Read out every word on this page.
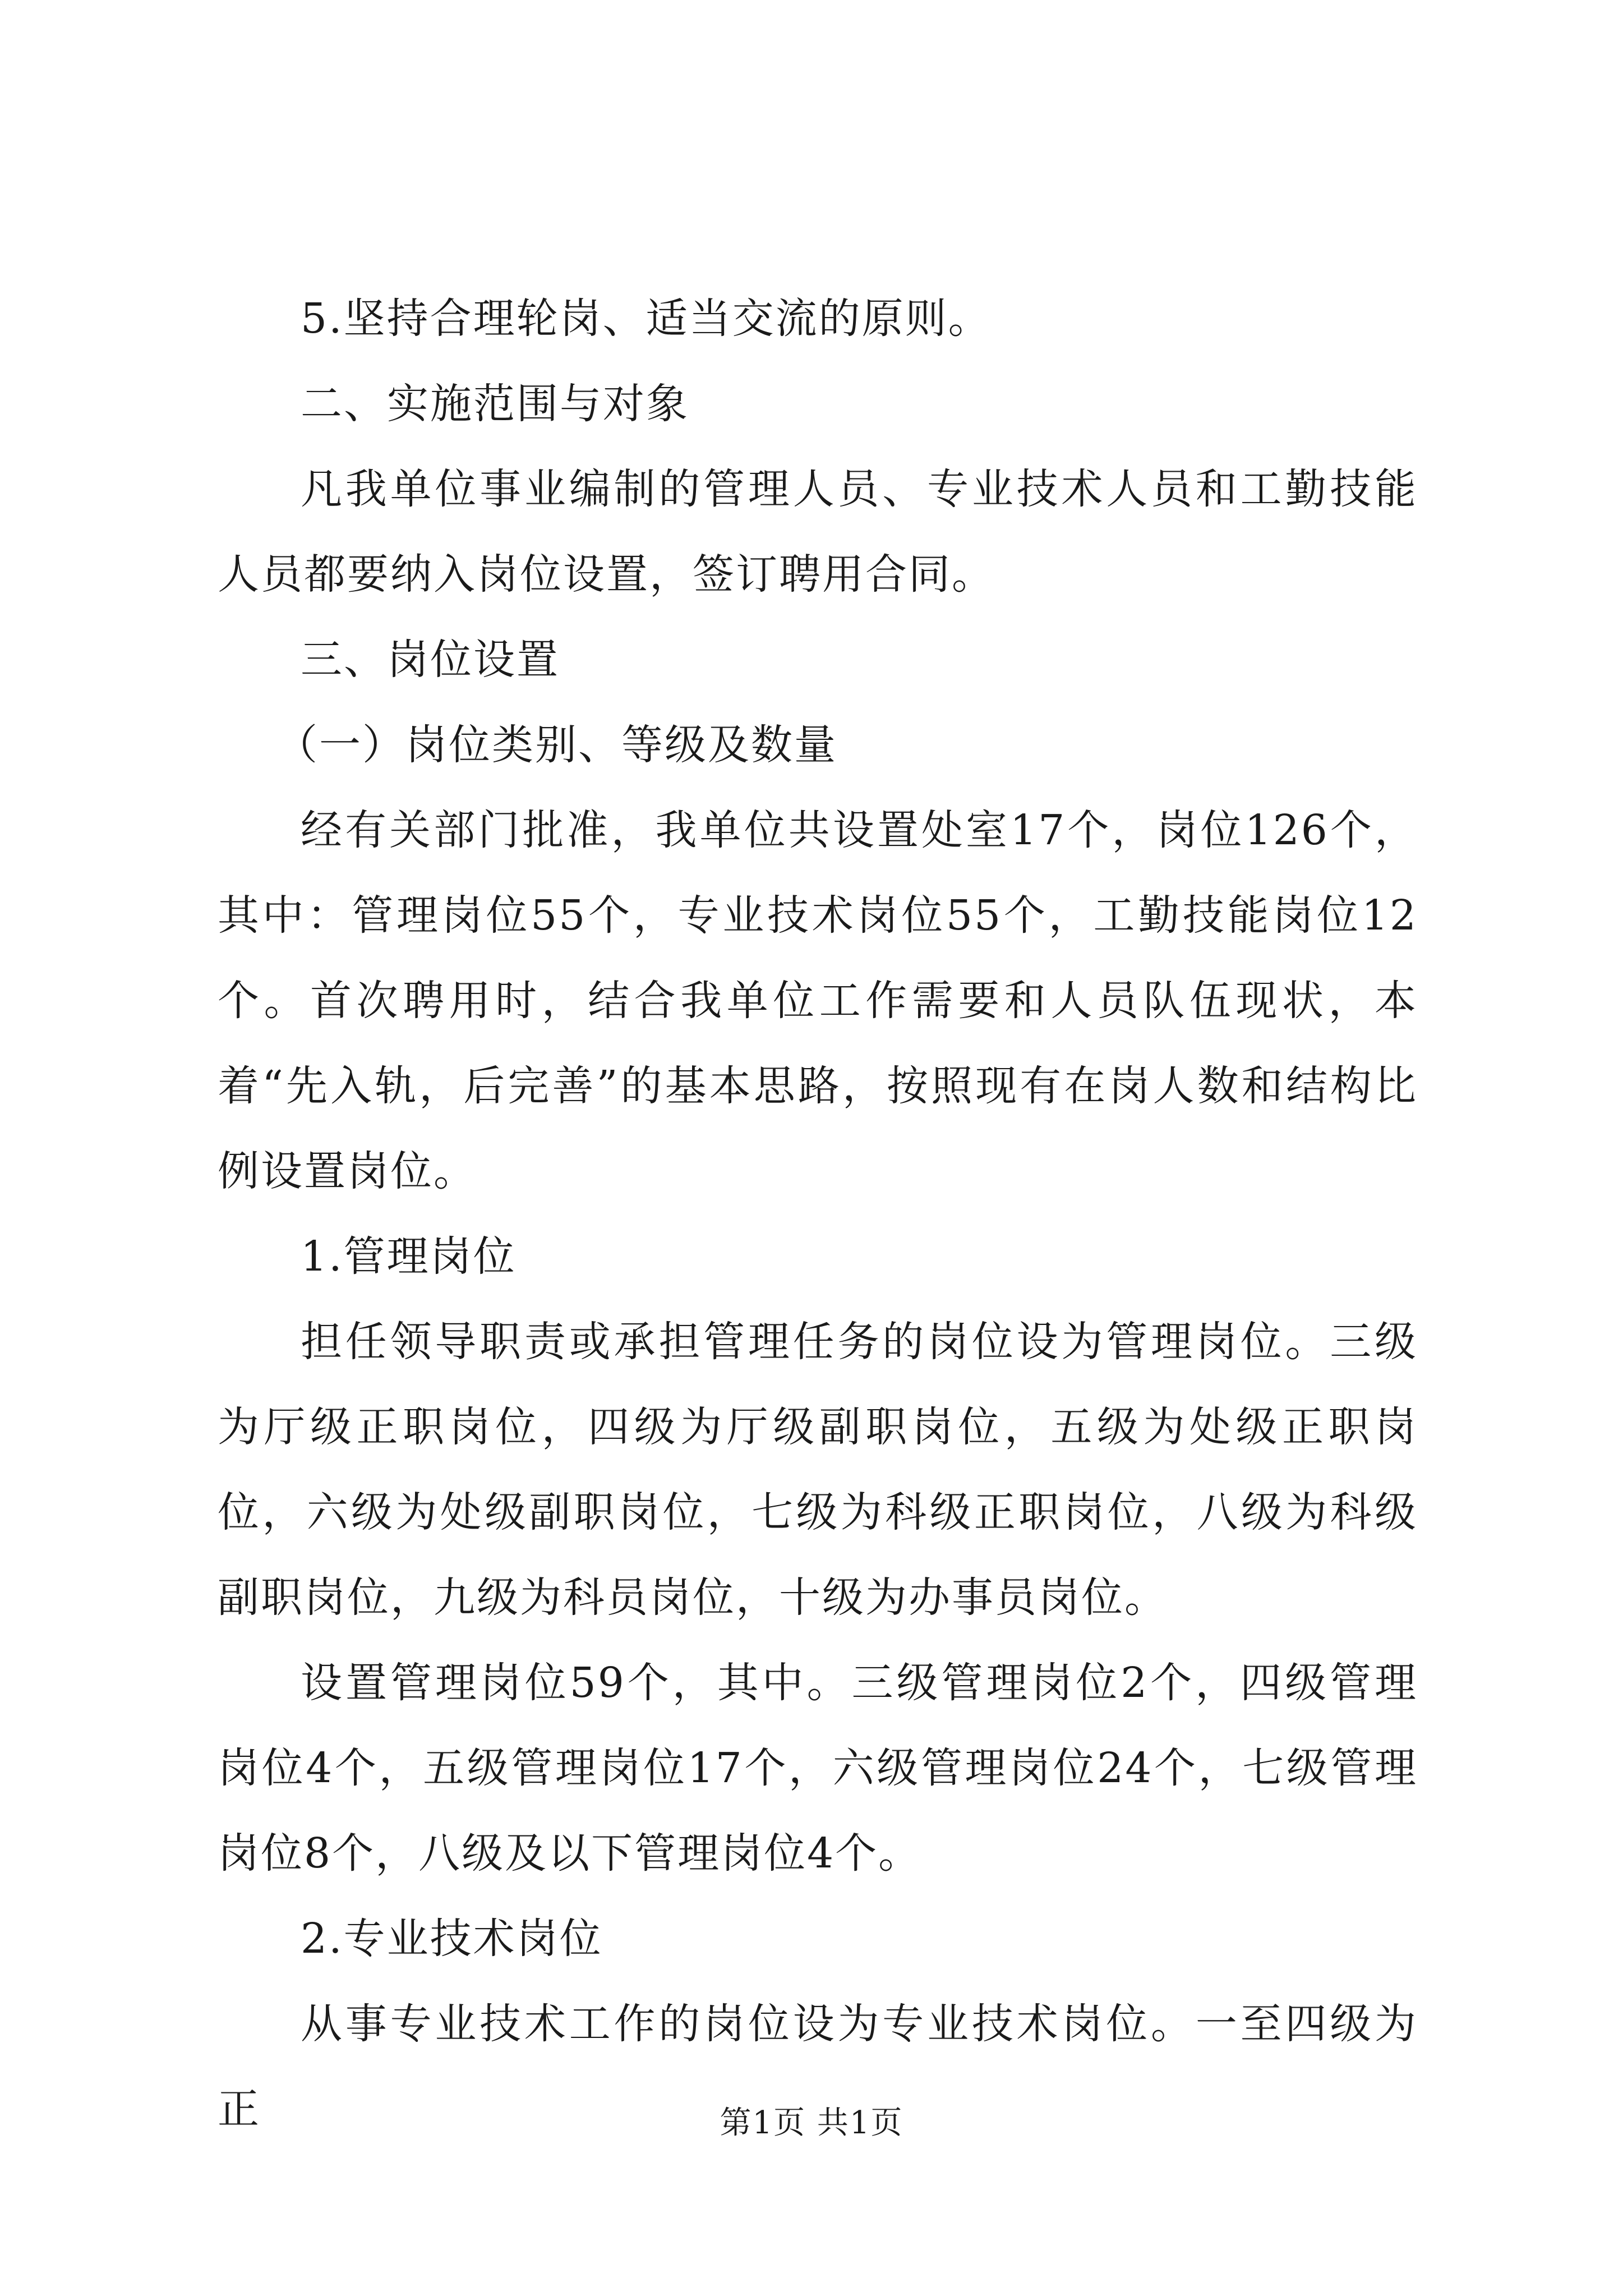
5.坚持合理轮岗、适当交流的原则。

二、实施范围与对象

凡我单位事业编制的管理人员、专业技术人员和工勤技能人员都要纳入岗位设置，签订聘用合同。

三、岗位设置

（一）岗位类别、等级及数量

经有关部门批准，我单位共设置处室17个，岗位126个，其中：管理岗位55个，专业技术岗位55个，工勤技能岗位12个。首次聘用时，结合我单位工作需要和人员队伍现状，本着“先入轨，后完善”的基本思路，按照现有在岗人数和结构比例设置岗位。

1.管理岗位

担任领导职责或承担管理任务的岗位设为管理岗位。三级为厅级正职岗位，四级为厅级副职岗位，五级为处级正职岗位，六级为处级副职岗位，七级为科级正职岗位，八级为科级副职岗位，九级为科员岗位，十级为办事员岗位。

设置管理岗位59个，其中。三级管理岗位2个，四级管理岗位4个，五级管理岗位17个，六级管理岗位24个，七级管理岗位8个，八级及以下管理岗位4个。

2.专业技术岗位

从事专业技术工作的岗位设为专业技术岗位。一至四级为正	第1页 共1页
